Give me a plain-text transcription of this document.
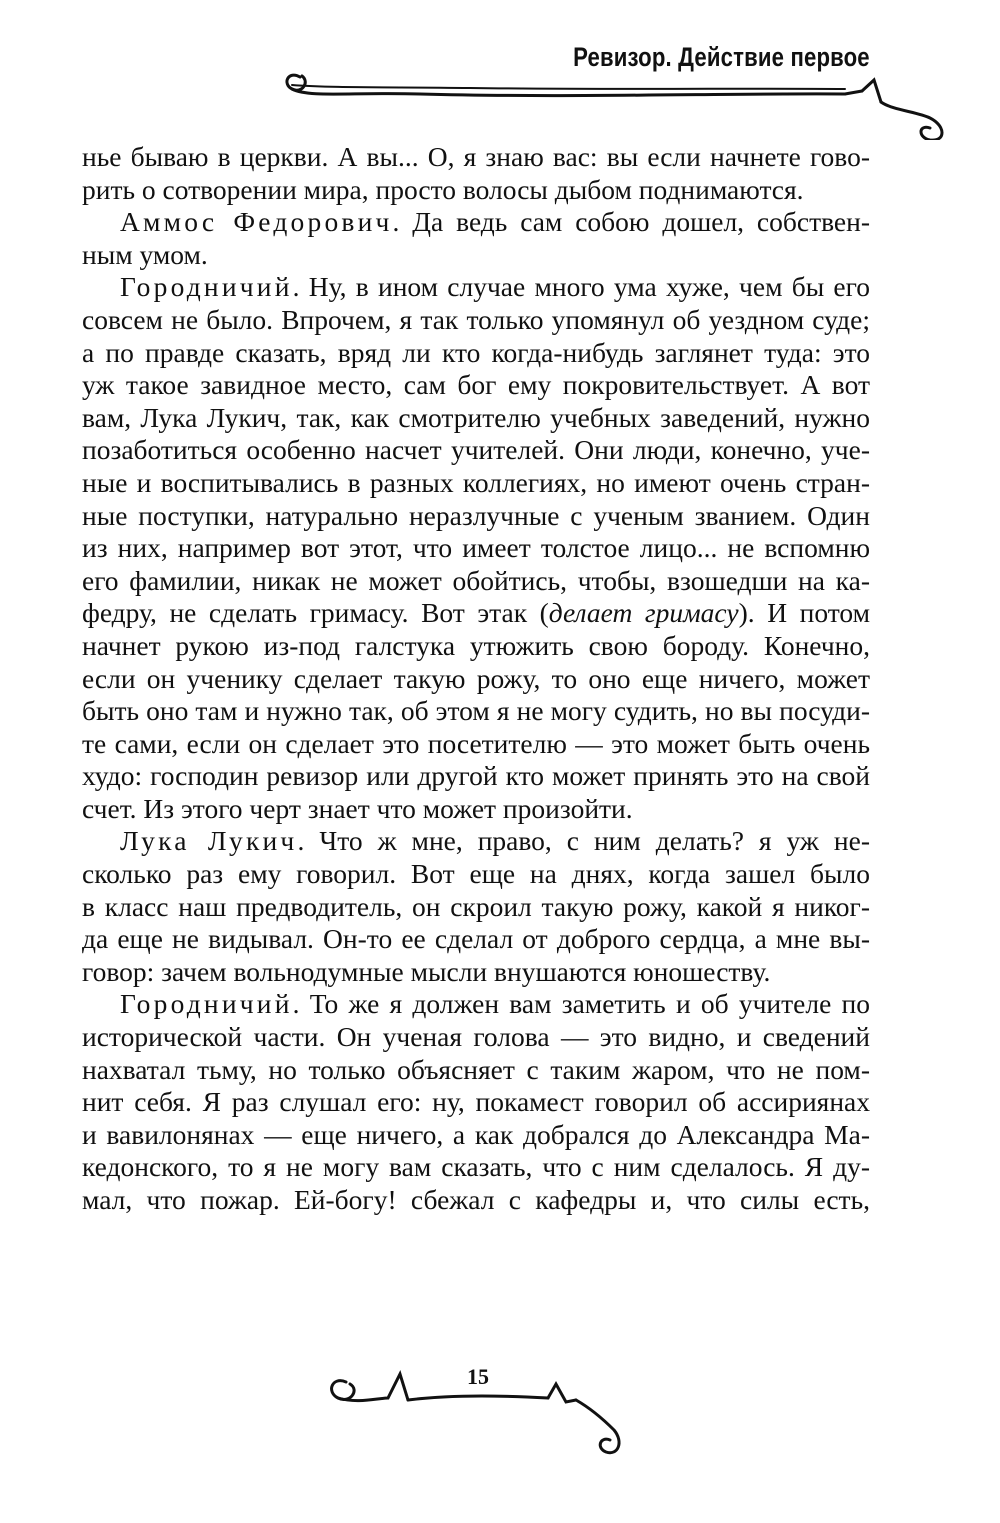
Ревизор. Действие первое
нье бываю в церкви. А вы... О, я знаю вас: вы если начнете гово-
рить о сотворении мира, просто волосы дыбом поднимаются.
Аммос Федорович. Да ведь сам собою дошел, собствен-
ным умом.
Городничий. Ну, в ином случае много ума хуже, чем бы его
совсем не было. Впрочем, я так только упомянул об уездном суде;
а по правде сказать, вряд ли кто когда-нибудь заглянет туда: это
уж такое завидное место, сам бог ему покровительствует. А вот
вам, Лука Лукич, так, как смотрителю учебных заведений, нужно
позаботиться особенно насчет учителей. Они люди, конечно, уче-
ные и воспитывались в разных коллегиях, но имеют очень стран-
ные поступки, натурально неразлучные с ученым званием. Один
из них, например вот этот, что имеет толстое лицо... не вспомню
его фамилии, никак не может обойтись, чтобы, взошедши на ка-
федру, не сделать гримасу. Вот этак (делает гримасу). И потом
начнет рукою из-под галстука утюжить свою бороду. Конечно,
если он ученику сделает такую рожу, то оно еще ничего, может
быть оно там и нужно так, об этом я не могу судить, но вы посуди-
те сами, если он сделает это посетителю — это может быть очень
худо: господин ревизор или другой кто может принять это на свой
счет. Из этого черт знает что может произойти.
Лука Лукич. Что ж мне, право, с ним делать? я уж не-
сколько раз ему говорил. Вот еще на днях, когда зашел было
в класс наш предводитель, он скроил такую рожу, какой я никог-
да еще не видывал. Он-то ее сделал от доброго сердца, а мне вы-
говор: зачем вольнодумные мысли внушаются юношеству.
Городничий. То же я должен вам заметить и об учителе по
исторической части. Он ученая голова — это видно, и сведений
нахватал тьму, но только объясняет с таким жаром, что не пом-
нит себя. Я раз слушал его: ну, покамест говорил об ассириянах
и вавилонянах — еще ничего, а как добрался до Александра Ма-
кедонского, то я не могу вам сказать, что с ним сделалось. Я ду-
мал, что пожар. Ей-богу! сбежал с кафедры и, что силы есть,
15
